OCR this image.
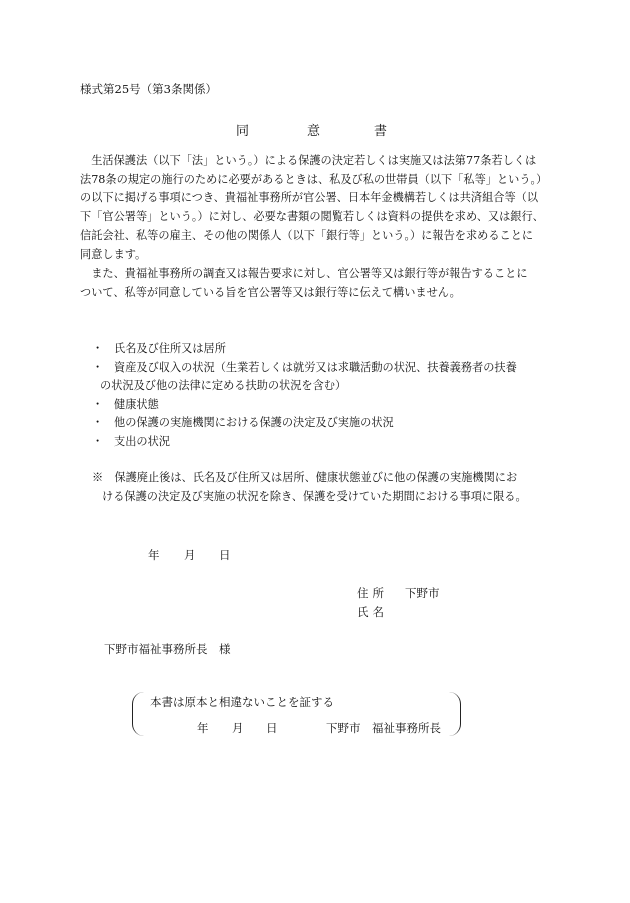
様式第25号（第3条関係）
同	意	書

　生活保護法（以下「法」という。）による保護の決定若しくは実施又は法第77条若しくは
法78条の規定の施行のために必要があるときは、私及び私の世帯員（以下「私等」という。）
の以下に掲げる事項につき、貴福祉事務所が官公署、日本年金機構若しくは共済組合等（以
下「官公署等」という。）に対し、必要な書類の閲覧若しくは資料の提供を求め、又は銀行、
信託会社、私等の雇主、その他の関係人（以下「銀行等」という。）に報告を求めることに
同意します。

　また、貴福祉事務所の調査又は報告要求に対し、官公署等又は銀行等が報告することに
ついて、私等が同意している旨を官公署等又は銀行等に伝えて構いません。

・ 氏名及び住所又は居所
・ 資産及び収入の状況（生業若しくは就労又は求職活動の状況、扶養義務者の扶養
の状況及び他の法律に定める扶助の状況を含む）
・ 健康状態
・ 他の保護の実施機関における保護の決定及び実施の状況
・ 支出の状況
※　保護廃止後は、氏名及び住所又は居所、健康状態並びに他の保護の実施機関にお
ける保護の決定及び実施の状況を除き、保護を受けていた期間における事項に限る。
年 月 日
住所 下野市
氏名
下野市福祉事務所長　様
本書は原本と相違ないことを証する
年 月 日	下野市　福祉事務所長
